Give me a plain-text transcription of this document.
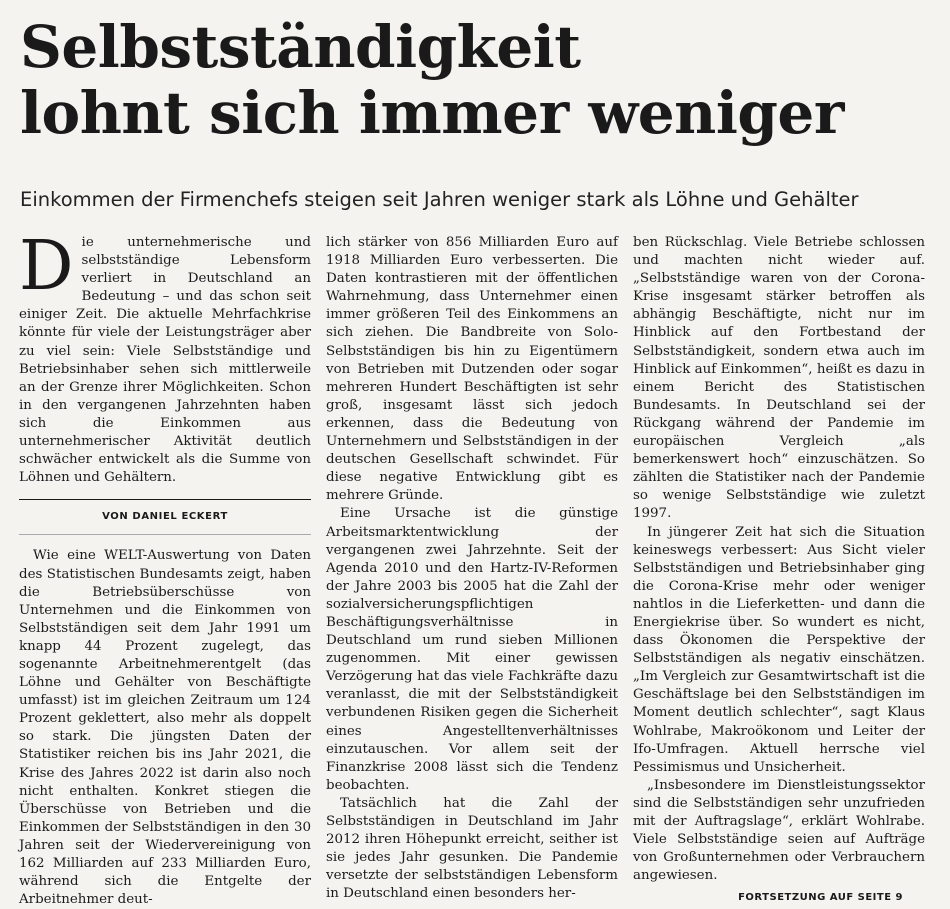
Selbstständigkeit
lohnt sich immer weniger

Einkommen der Firmenchefs steigen seit Jahren weniger stark als Löhne und Gehälter

Die unternehmerische und selbstständige Lebensform verliert in Deutschland an Bedeutung – und das schon seit einiger Zeit. Die aktuelle Mehrfachkrise könnte für viele der Leistungsträger aber zu viel sein: Viele Selbstständige und Betriebsinhaber sehen sich mittlerweile an der Grenze ihrer Möglichkeiten. Schon in den vergangenen Jahrzehnten haben sich die Einkommen aus unternehmerischer Aktivität deutlich schwächer entwickelt als die Summe von Löhnen und Gehältern.

VON DANIEL ECKERT

Wie eine WELT-Auswertung von Daten des Statistischen Bundesamts zeigt, haben die Betriebsüberschüsse von Unternehmen und die Einkommen von Selbstständigen seit dem Jahr 1991 um knapp 44 Prozent zugelegt, das sogenannte Arbeitnehmerentgelt (das Löhne und Gehälter von Beschäftigte umfasst) ist im gleichen Zeitraum um 124 Prozent geklettert, also mehr als doppelt so stark. Die jüngsten Daten der Statistiker reichen bis ins Jahr 2021, die Krise des Jahres 2022 ist darin also noch nicht enthalten. Konkret stiegen die Überschüsse von Betrieben und die Einkommen der Selbstständigen in den 30 Jahren seit der Wiedervereinigung von 162 Milliarden auf 233 Milliarden Euro, während sich die Entgelte der Arbeitnehmer deut-

lich stärker von 856 Milliarden Euro auf 1918 Milliarden Euro verbesserten. Die Daten kontrastieren mit der öffentlichen Wahrnehmung, dass Unternehmer einen immer größeren Teil des Einkommens an sich ziehen. Die Bandbreite von Solo-Selbstständigen bis hin zu Eigentümern von Betrieben mit Dutzenden oder sogar mehreren Hundert Beschäftigten ist sehr groß, insgesamt lässt sich jedoch erkennen, dass die Bedeutung von Unternehmern und Selbstständigen in der deutschen Gesellschaft schwindet. Für diese negative Entwicklung gibt es mehrere Gründe.

Eine Ursache ist die günstige Arbeitsmarktentwicklung der vergangenen zwei Jahrzehnte. Seit der Agenda 2010 und den Hartz-IV-Reformen der Jahre 2003 bis 2005 hat die Zahl der sozialversicherungspflichtigen Beschäftigungsverhältnisse in Deutschland um rund sieben Millionen zugenommen. Mit einer gewissen Verzögerung hat das viele Fachkräfte dazu veranlasst, die mit der Selbstständigkeit verbundenen Risiken gegen die Sicherheit eines Angestelltenverhältnisses einzutauschen. Vor allem seit der Finanzkrise 2008 lässt sich die Tendenz beobachten.

Tatsächlich hat die Zahl der Selbstständigen in Deutschland im Jahr 2012 ihren Höhepunkt erreicht, seither ist sie jedes Jahr gesunken. Die Pandemie versetzte der selbstständigen Lebensform in Deutschland einen besonders her-

ben Rückschlag. Viele Betriebe schlossen und machten nicht wieder auf. „Selbstständige waren von der Corona-Krise insgesamt stärker betroffen als abhängig Beschäftigte, nicht nur im Hinblick auf den Fortbestand der Selbstständigkeit, sondern etwa auch im Hinblick auf Einkommen“, heißt es dazu in einem Bericht des Statistischen Bundesamts. In Deutschland sei der Rückgang während der Pandemie im europäischen Vergleich „als bemerkenswert hoch“ einzuschätzen. So zählten die Statistiker nach der Pandemie so wenige Selbstständige wie zuletzt 1997.

In jüngerer Zeit hat sich die Situation keineswegs verbessert: Aus Sicht vieler Selbstständigen und Betriebsinhaber ging die Corona-Krise mehr oder weniger nahtlos in die Lieferketten- und dann die Energiekrise über. So wundert es nicht, dass Ökonomen die Perspektive der Selbstständigen als negativ einschätzen. „Im Vergleich zur Gesamtwirtschaft ist die Geschäftslage bei den Selbstständigen im Moment deutlich schlechter“, sagt Klaus Wohlrabe, Makroökonom und Leiter der Ifo-Umfragen. Aktuell herrsche viel Pessimismus und Unsicherheit.

„Insbesondere im Dienstleistungssektor sind die Selbstständigen sehr unzufrieden mit der Auftragslage“, erklärt Wohlrabe. Viele Selbstständige seien auf Aufträge von Großunternehmen oder Verbrauchern angewiesen.

FORTSETZUNG AUF SEITE 9
